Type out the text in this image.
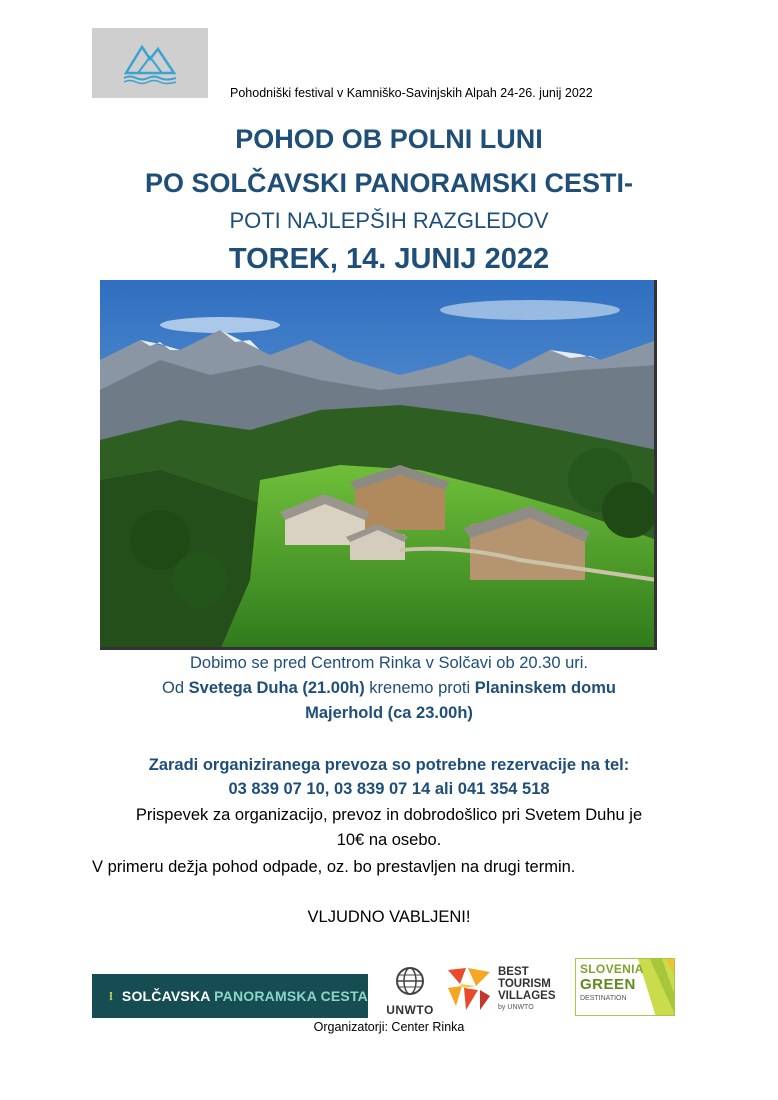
Pohodniški festival v Kamniško-Savinjskih Alpah 24-26. junij 2022
POHOD OB POLNI LUNI
PO SOLČAVSKI PANORAMSKI CESTI-
POTI NAJLEPŠIH RAZGLEDOV
TOREK, 14. JUNIJ 2022
Dobimo se pred Centrom Rinka v Solčavi ob 20.30 uri.
Od Svetega Duha (21.00h) krenemo proti Planinskem domu
Majerhold (ca 23.00h)
Zaradi organiziranega prevoza so potrebne rezervacije na tel:
03 839 07 10, 03 839 07 14 ali 041 354 518
Prispevek za organizacijo, prevoz in dobrodošlico pri Svetem Duhu je
10€ na osebo.
V primeru dežja pohod odpade, oz. bo prestavljen na drugi termin.
VLJUDNO VABLJENI!
SOLČAVSKA PANORAMSKA CESTA
UNWTO
BEST
TOURISM
VILLAGES
by UNWTO
SLOVENIA
GREEN
DESTINATION
Organizatorji: Center Rinka
